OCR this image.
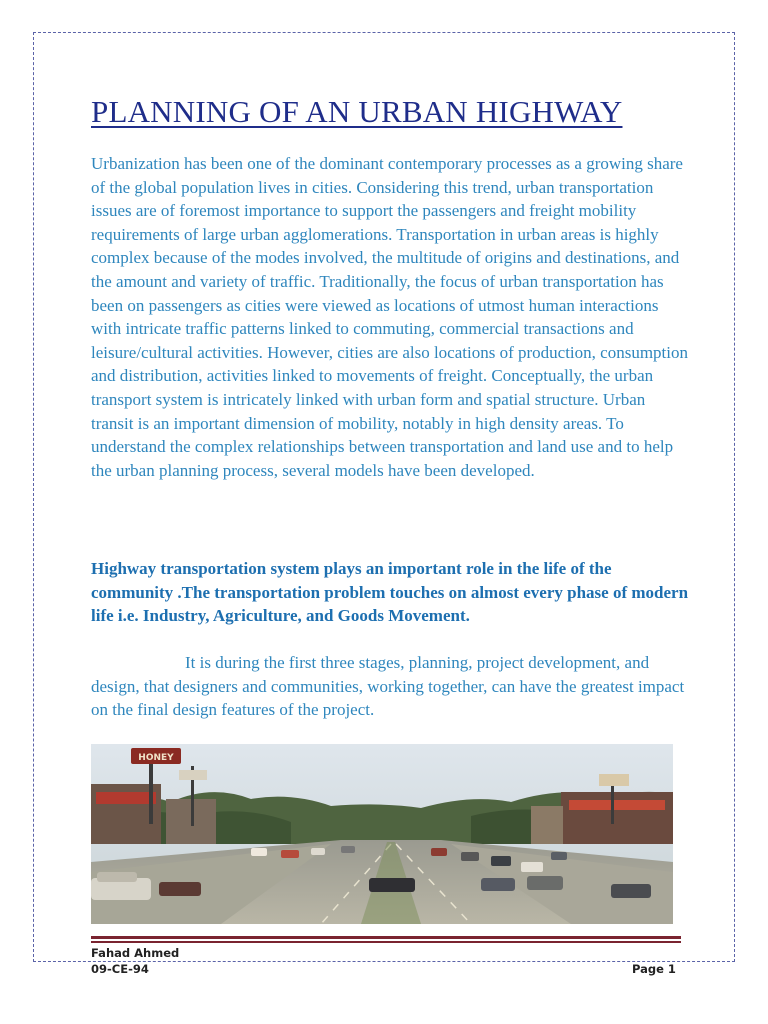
PLANNING OF AN URBAN HIGHWAY

Urbanization has been one of the dominant contemporary processes as a growing share of the global population lives in cities. Considering this trend, urban transportation issues are of foremost importance to support the passengers and freight mobility requirements of large urban agglomerations. Transportation in urban areas is highly complex because of the modes involved, the multitude of origins and destinations, and the amount and variety of traffic. Traditionally, the focus of urban transportation has been on passengers as cities were viewed as locations of utmost human interactions with intricate traffic patterns linked to commuting, commercial transactions and leisure/cultural activities. However, cities are also locations of production, consumption and distribution, activities linked to movements of freight. Conceptually, the urban transport system is intricately linked with urban form and spatial structure. Urban transit is an important dimension of mobility, notably in high density areas. To understand the complex relationships between transportation and land use and to help the urban planning process, several models have been developed.

Highway transportation system plays an important role in the life of the community .The transportation problem touches on almost every phase of modern life i.e. Industry, Agriculture, and Goods Movement.

It is during the first three stages, planning, project development, and design, that designers and communities, working together, can have the greatest impact on the final design features of the project.

HONEY
Fahad Ahmed
09-CE-94	Page 1
